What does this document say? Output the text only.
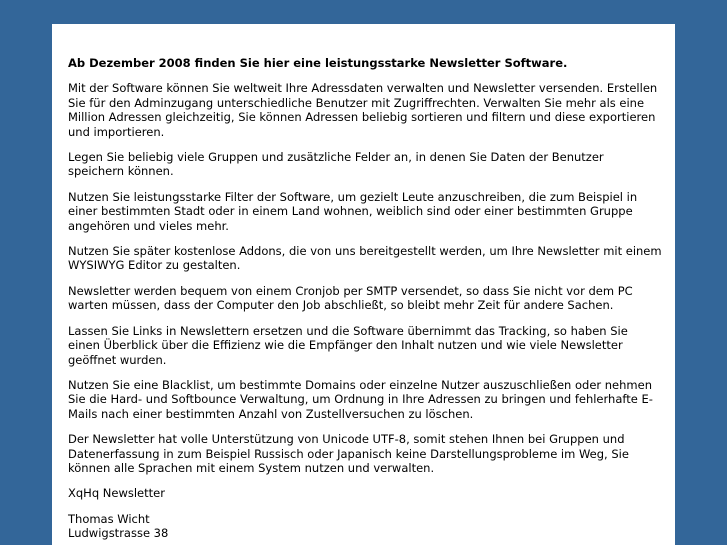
Ab Dezember 2008 finden Sie hier eine leistungsstarke Newsletter Software.

Mit der Software können Sie weltweit Ihre Adressdaten verwalten und Newsletter versenden. Erstellen Sie für den Adminzugang unterschiedliche Benutzer mit Zugriffrechten. Verwalten Sie mehr als eine Million Adressen gleichzeitig, Sie können Adressen beliebig sortieren und filtern und diese exportieren und importieren.

Legen Sie beliebig viele Gruppen und zusätzliche Felder an, in denen Sie Daten der Benutzer speichern können.

Nutzen Sie leistungsstarke Filter der Software, um gezielt Leute anzuschreiben, die zum Beispiel in einer bestimmten Stadt oder in einem Land wohnen, weiblich sind oder einer bestimmten Gruppe angehören und vieles mehr.

Nutzen Sie später kostenlose Addons, die von uns bereitgestellt werden, um Ihre Newsletter mit einem WYSIWYG Editor zu gestalten.

Newsletter werden bequem von einem Cronjob per SMTP versendet, so dass Sie nicht vor dem PC warten müssen, dass der Computer den Job abschließt, so bleibt mehr Zeit für andere Sachen.

Lassen Sie Links in Newslettern ersetzen und die Software übernimmt das Tracking, so haben Sie einen Überblick über die Effizienz wie die Empfänger den Inhalt nutzen und wie viele Newsletter geöffnet wurden.

Nutzen Sie eine Blacklist, um bestimmte Domains oder einzelne Nutzer auszuschließen oder nehmen Sie die Hard- und Softbounce Verwaltung, um Ordnung in Ihre Adressen zu bringen und fehlerhafte E-Mails nach einer bestimmten Anzahl von Zustellversuchen zu löschen.

Der Newsletter hat volle Unterstützung von Unicode UTF-8, somit stehen Ihnen bei Gruppen und Datenerfassung in zum Beispiel Russisch oder Japanisch keine Darstellungsprobleme im Weg, Sie können alle Sprachen mit einem System nutzen und verwalten.

XqHq Newsletter

Thomas Wicht

Ludwigstrasse 38
